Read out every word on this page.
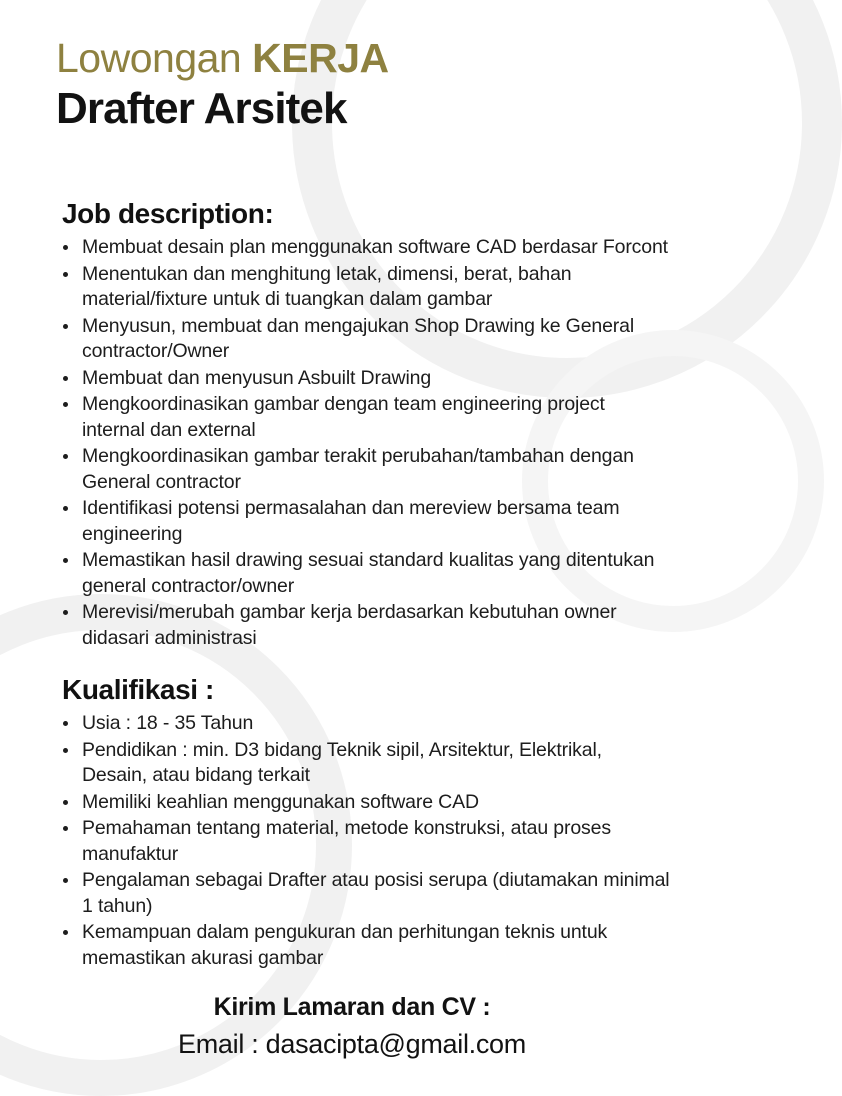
Lowongan KERJA
Drafter Arsitek
Job description:
Membuat desain plan menggunakan software CAD berdasar Forcont
Menentukan dan menghitung letak, dimensi, berat, bahan material/fixture untuk di tuangkan dalam gambar
Menyusun, membuat dan mengajukan Shop Drawing ke General contractor/Owner
Membuat dan menyusun Asbuilt Drawing
Mengkoordinasikan gambar dengan team engineering project internal dan external
Mengkoordinasikan gambar terakit perubahan/tambahan dengan General contractor
Identifikasi potensi permasalahan dan mereview bersama team engineering
Memastikan hasil drawing sesuai standard kualitas yang ditentukan general contractor/owner
Merevisi/merubah gambar kerja berdasarkan kebutuhan owner didasari administrasi
Kualifikasi :
Usia : 18 - 35 Tahun
Pendidikan : min. D3 bidang Teknik sipil, Arsitektur, Elektrikal, Desain, atau bidang terkait
Memiliki keahlian menggunakan software CAD
Pemahaman tentang material, metode konstruksi, atau proses manufaktur
Pengalaman sebagai Drafter atau posisi serupa (diutamakan minimal 1 tahun)
Kemampuan dalam pengukuran dan perhitungan teknis untuk memastikan akurasi gambar
Kirim Lamaran dan CV :
Email : dasacipta@gmail.com
